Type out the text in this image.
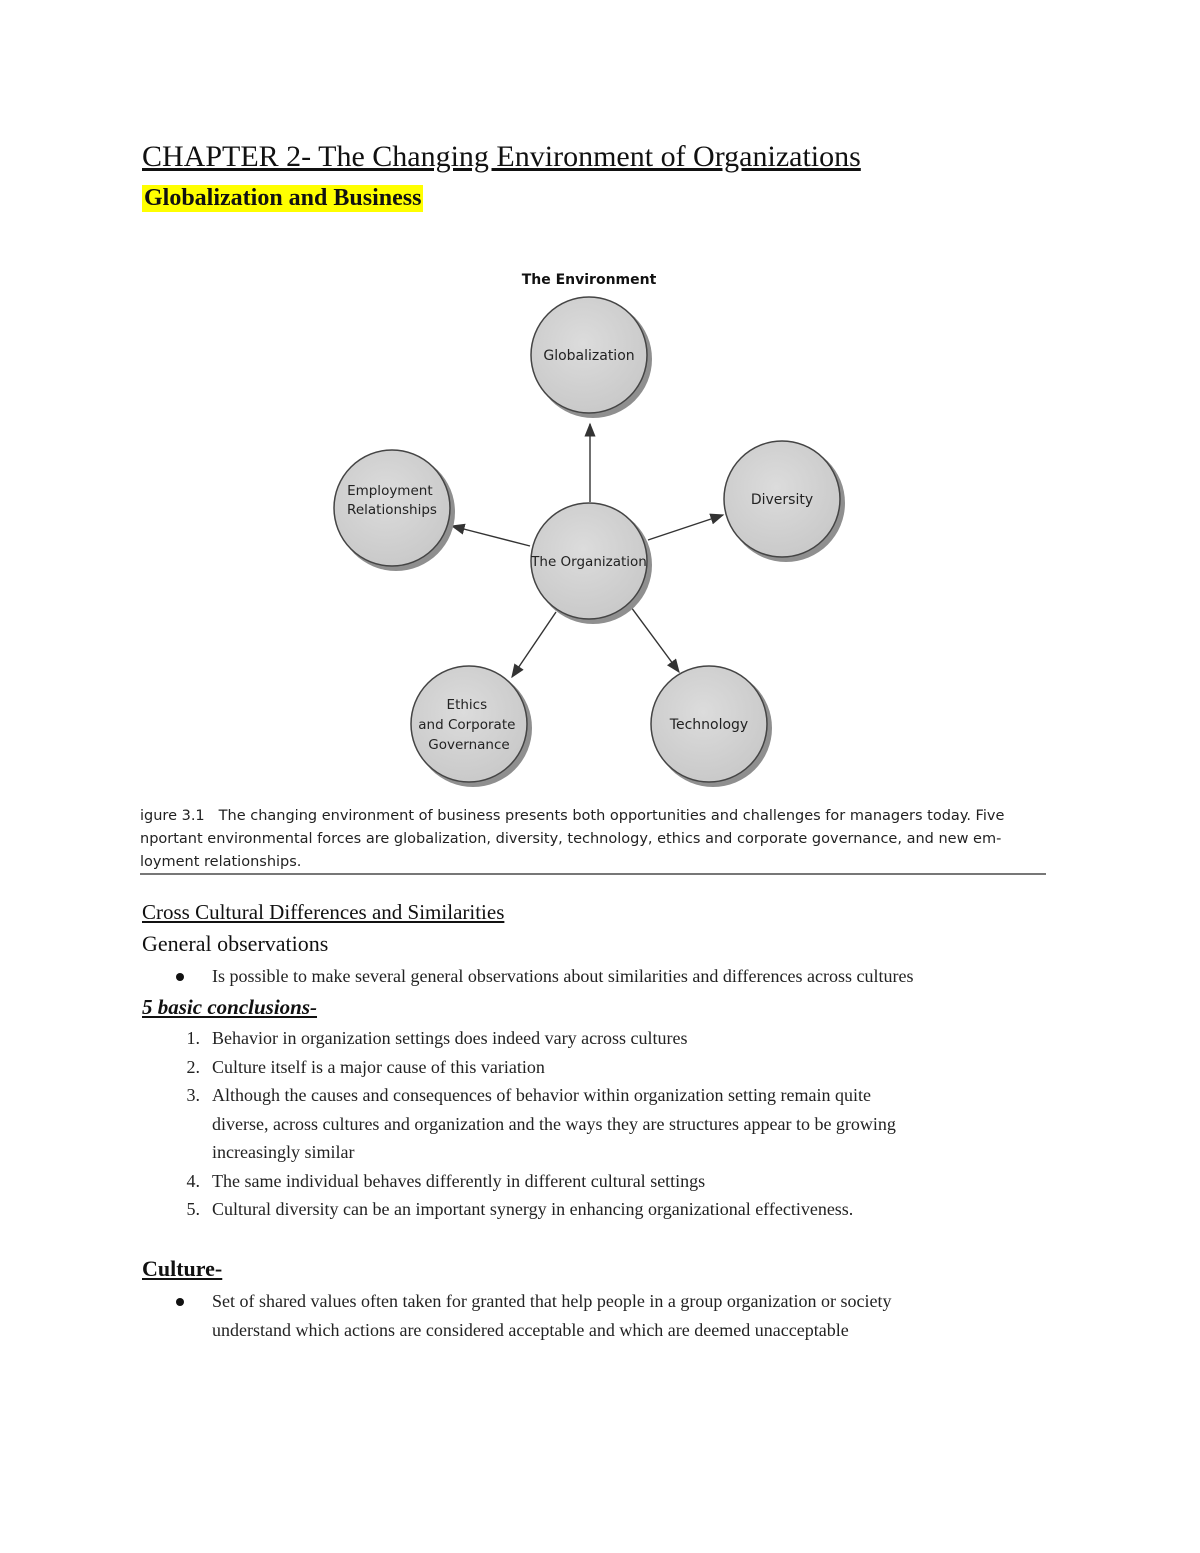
CHAPTER 2- The Changing Environment of Organizations
Globalization and Business
The Environment
Globalization
Diversity
Technology
Ethics and Corporate Governance
Employment Relationships
The Organization
igure 3.1 The changing environment of business presents both opportunities and challenges for managers today. Five
nportant environmental forces are globalization, diversity, technology, ethics and corporate governance, and new em-
loyment relationships.
Cross Cultural Differences and Similarities
General observations
Is possible to make several general observations about similarities and differences across cultures
5 basic conclusions-
1. Behavior in organization settings does indeed vary across cultures
2. Culture itself is a major cause of this variation
3. Although the causes and consequences of behavior within organization setting remain quite
diverse, across cultures and organization and the ways they are structures appear to be growing
increasingly similar
4. The same individual behaves differently in different cultural settings
5. Cultural diversity can be an important synergy in enhancing organizational effectiveness.
Culture-
Set of shared values often taken for granted that help people in a group organization or society
understand which actions are considered acceptable and which are deemed unacceptable
